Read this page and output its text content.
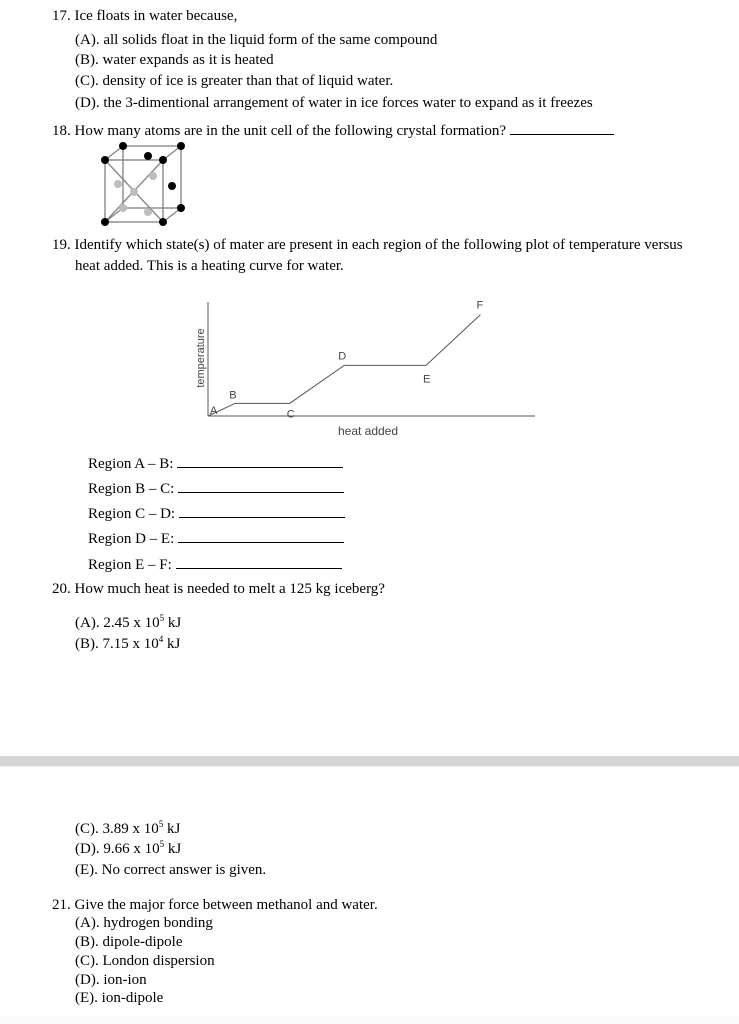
17. Ice floats in water because,
(A). all solids float in the liquid form of the same compound
(B). water expands as it is heated
(C). density of ice is greater than that of liquid water.
(D). the 3-dimentional arrangement of water in ice forces water to expand as it freezes
18. How many atoms are in the unit cell of the following crystal formation?
19. Identify which state(s) of mater are present in each region of the following plot of temperature versus
heat added. This is a heating curve for water.
A
B
C
D
E
F
temperature
heat added
Region A – B:
Region B – C:
Region C – D:
Region D – E:
Region E – F:
20. How much heat is needed to melt a 125 kg iceberg?
(A). 2.45 x $10^5$ kJ
(B). 7.15 x $10^4$ kJ
(C). 3.89 x $10^5$ kJ
(D). 9.66 x $10^5$ kJ
(E). No correct answer is given.
21. Give the major force between methanol and water.
(A). hydrogen bonding
(B). dipole-dipole
(C). London dispersion
(D). ion-ion
(E). ion-dipole
